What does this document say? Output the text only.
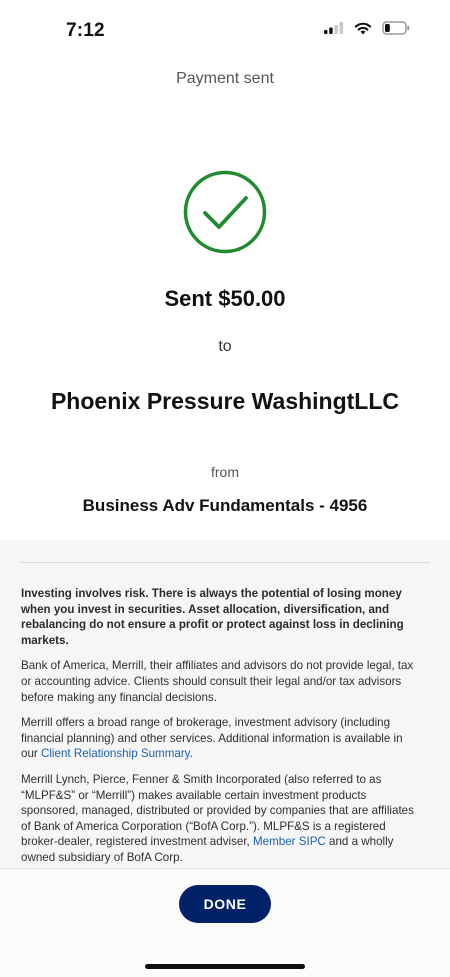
7:12
Payment sent
Sent $50.00
to
Phoenix Pressure WashingtLLC
from
Business Adv Fundamentals - 4956

Investing involves risk. There is always the potential of losing money when you invest in securities. Asset allocation, diversification, and rebalancing do not ensure a profit or protect against loss in declining markets.

Bank of America, Merrill, their affiliates and advisors do not provide legal, tax or accounting advice. Clients should consult their legal and/or tax advisors before making any financial decisions.

Merrill offers a broad range of brokerage, investment advisory (including financial planning) and other services. Additional information is available in our Client Relationship Summary.

Merrill Lynch, Pierce, Fenner & Smith Incorporated (also referred to as “MLPF&S” or “Merrill”) makes available certain investment products sponsored, managed, distributed or provided by companies that are affiliates of Bank of America Corporation (“BofA Corp.”). MLPF&S is a registered broker-dealer, registered investment adviser, Member SIPC and a wholly owned subsidiary of BofA Corp.

DONE
